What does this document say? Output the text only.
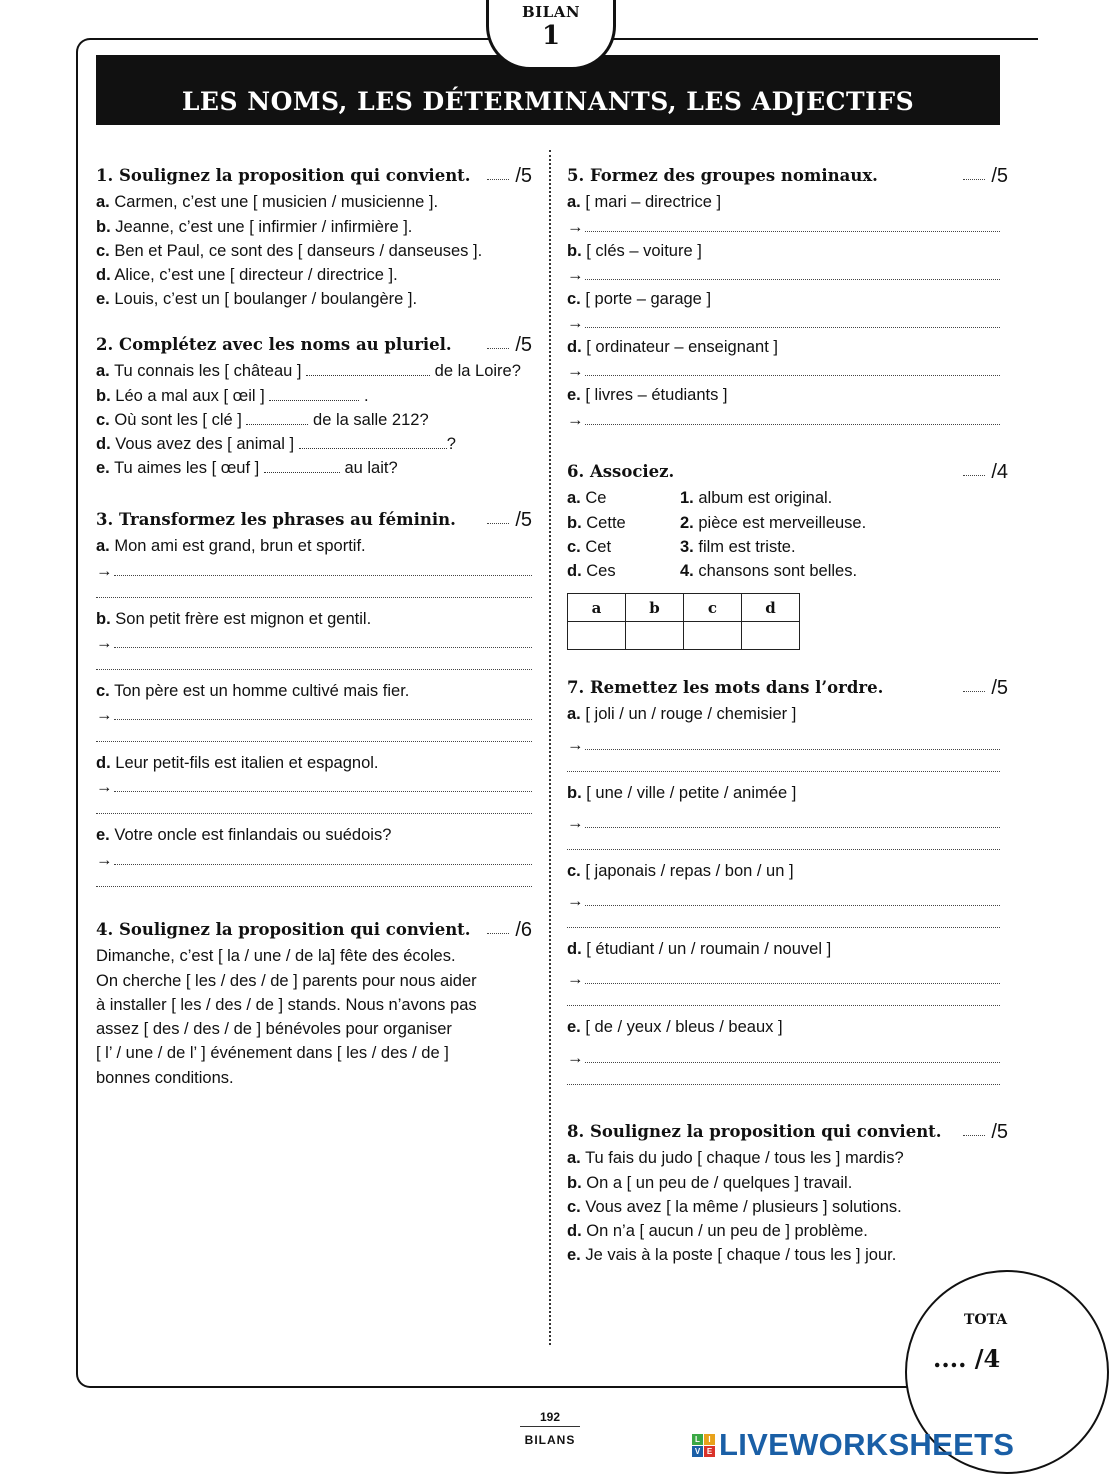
BILAN
1
LES NOMS, LES DÉTERMINANTS, LES ADJECTIFS
1. Soulignez la proposition qui convient.	/5
a. Carmen, c’est une [ musicien / musicienne ].
b. Jeanne, c’est une [ infirmier / infirmière ].
c. Ben et Paul, ce sont des [ danseurs / danseuses ].
d. Alice, c’est une [ directeur / directrice ].
e. Louis, c’est un [ boulanger / boulangère ].
2. Complétez avec les noms au pluriel.	/5
a. Tu connais les [ château ]	de la Loire?
b. Léo a mal aux [ œil ]	.
c. Où sont les [ clé ]	de la salle 212?
d. Vous avez des [ animal ]	?
e. Tu aimes les [ œuf ]	au lait?
3. Transformez les phrases au féminin.	/5
a. Mon ami est grand, brun et sportif.
→
b. Son petit frère est mignon et gentil.
→
c. Ton père est un homme cultivé mais fier.
→
d. Leur petit-fils est italien et espagnol.
→
e. Votre oncle est finlandais ou suédois?
→
4. Soulignez la proposition qui convient.	/6
Dimanche, c’est [ la / une / de la] fête des écoles.
On cherche [ les / des / de ] parents pour nous aider
à installer [ les / des / de ] stands. Nous n’avons pas
assez [ des / des / de ] bénévoles pour organiser
[ l’ / une / de l’ ] événement dans [ les / des / de ]
bonnes conditions.
5. Formez des groupes nominaux.	/5
a. [ mari – directrice ]
→
b. [ clés – voiture ]
→
c. [ porte – garage ]
→
d. [ ordinateur – enseignant ]
→
e. [ livres – étudiants ]
→
6. Associez.	/4
a. Ce	1. album est original.
b. Cette	2. pièce est merveilleuse.
c. Cet	3. film est triste.
d. Ces	4. chansons sont belles.
a	b	c	d

7. Remettez les mots dans l’ordre.	/5
a. [ joli / un / rouge / chemisier ]
→
b. [ une / ville / petite / animée ]
→
c. [ japonais / repas / bon / un ]
→
d. [ étudiant / un / roumain / nouvel ]
→
e. [ de / yeux / bleus / beaux ]
→
8. Soulignez la proposition qui convient.	/5
a. Tu fais du judo [ chaque / tous les ] mardis?
b. On a [ un peu de / quelques ] travail.
c. Vous avez [ la même / plusieurs ] solutions.
d. On n’a [ aucun / un peu de ] problème.
e. Je vais à la poste [ chaque / tous les ] jour.
TOTA
.... /4
192
BILANS	L	I
V E LIVEWORKSHEETS
